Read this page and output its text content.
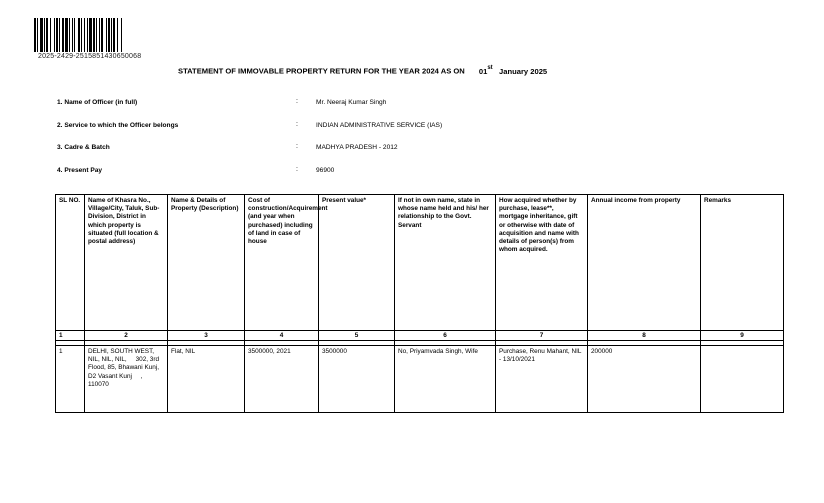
2025-2429-2515851430650068
STATEMENT OF IMMOVABLE PROPERTY RETURN FOR THE YEAR 2024 AS ON 01st January 2025
1. Name of Officer (in full)	:	Mr. Neeraj Kumar Singh
2. Service to which the Officer belongs	:	INDIAN ADMINISTRATIVE SERVICE (IAS)
3. Cadre & Batch	:	MADHYA PRADESH - 2012
4. Present Pay	:	96900
SL NO.	Name of Khasra No., Village/City, Taluk, Sub-Division, District in which property is situated (full location & postal address)	Name & Details of Property (Description)	Cost of construction/Acquirement (and year when purchased) including of land in case of house	Present value*	If not in own name, state in whose name held and his/ her relationship to the Govt. Servant	How acquired whether by purchase, lease**, mortgage inheritance, gift or otherwise with date of acquisition and name with details of person(s) from whom acquired.	Annual income from property	Remarks
1	2	3	4	5	6	7	8	9

1	DELHI, SOUTH WEST, NIL, NIL, NIL,     302, 3rd Flood, 85, Bhawani Kunj, D2 Vasant Kunj     , 110070	Flat, NIL	3500000, 2021	3500000	No, Priyamvada Singh, Wife	Purchase, Renu Mahant, NIL - 13/10/2021	200000	
